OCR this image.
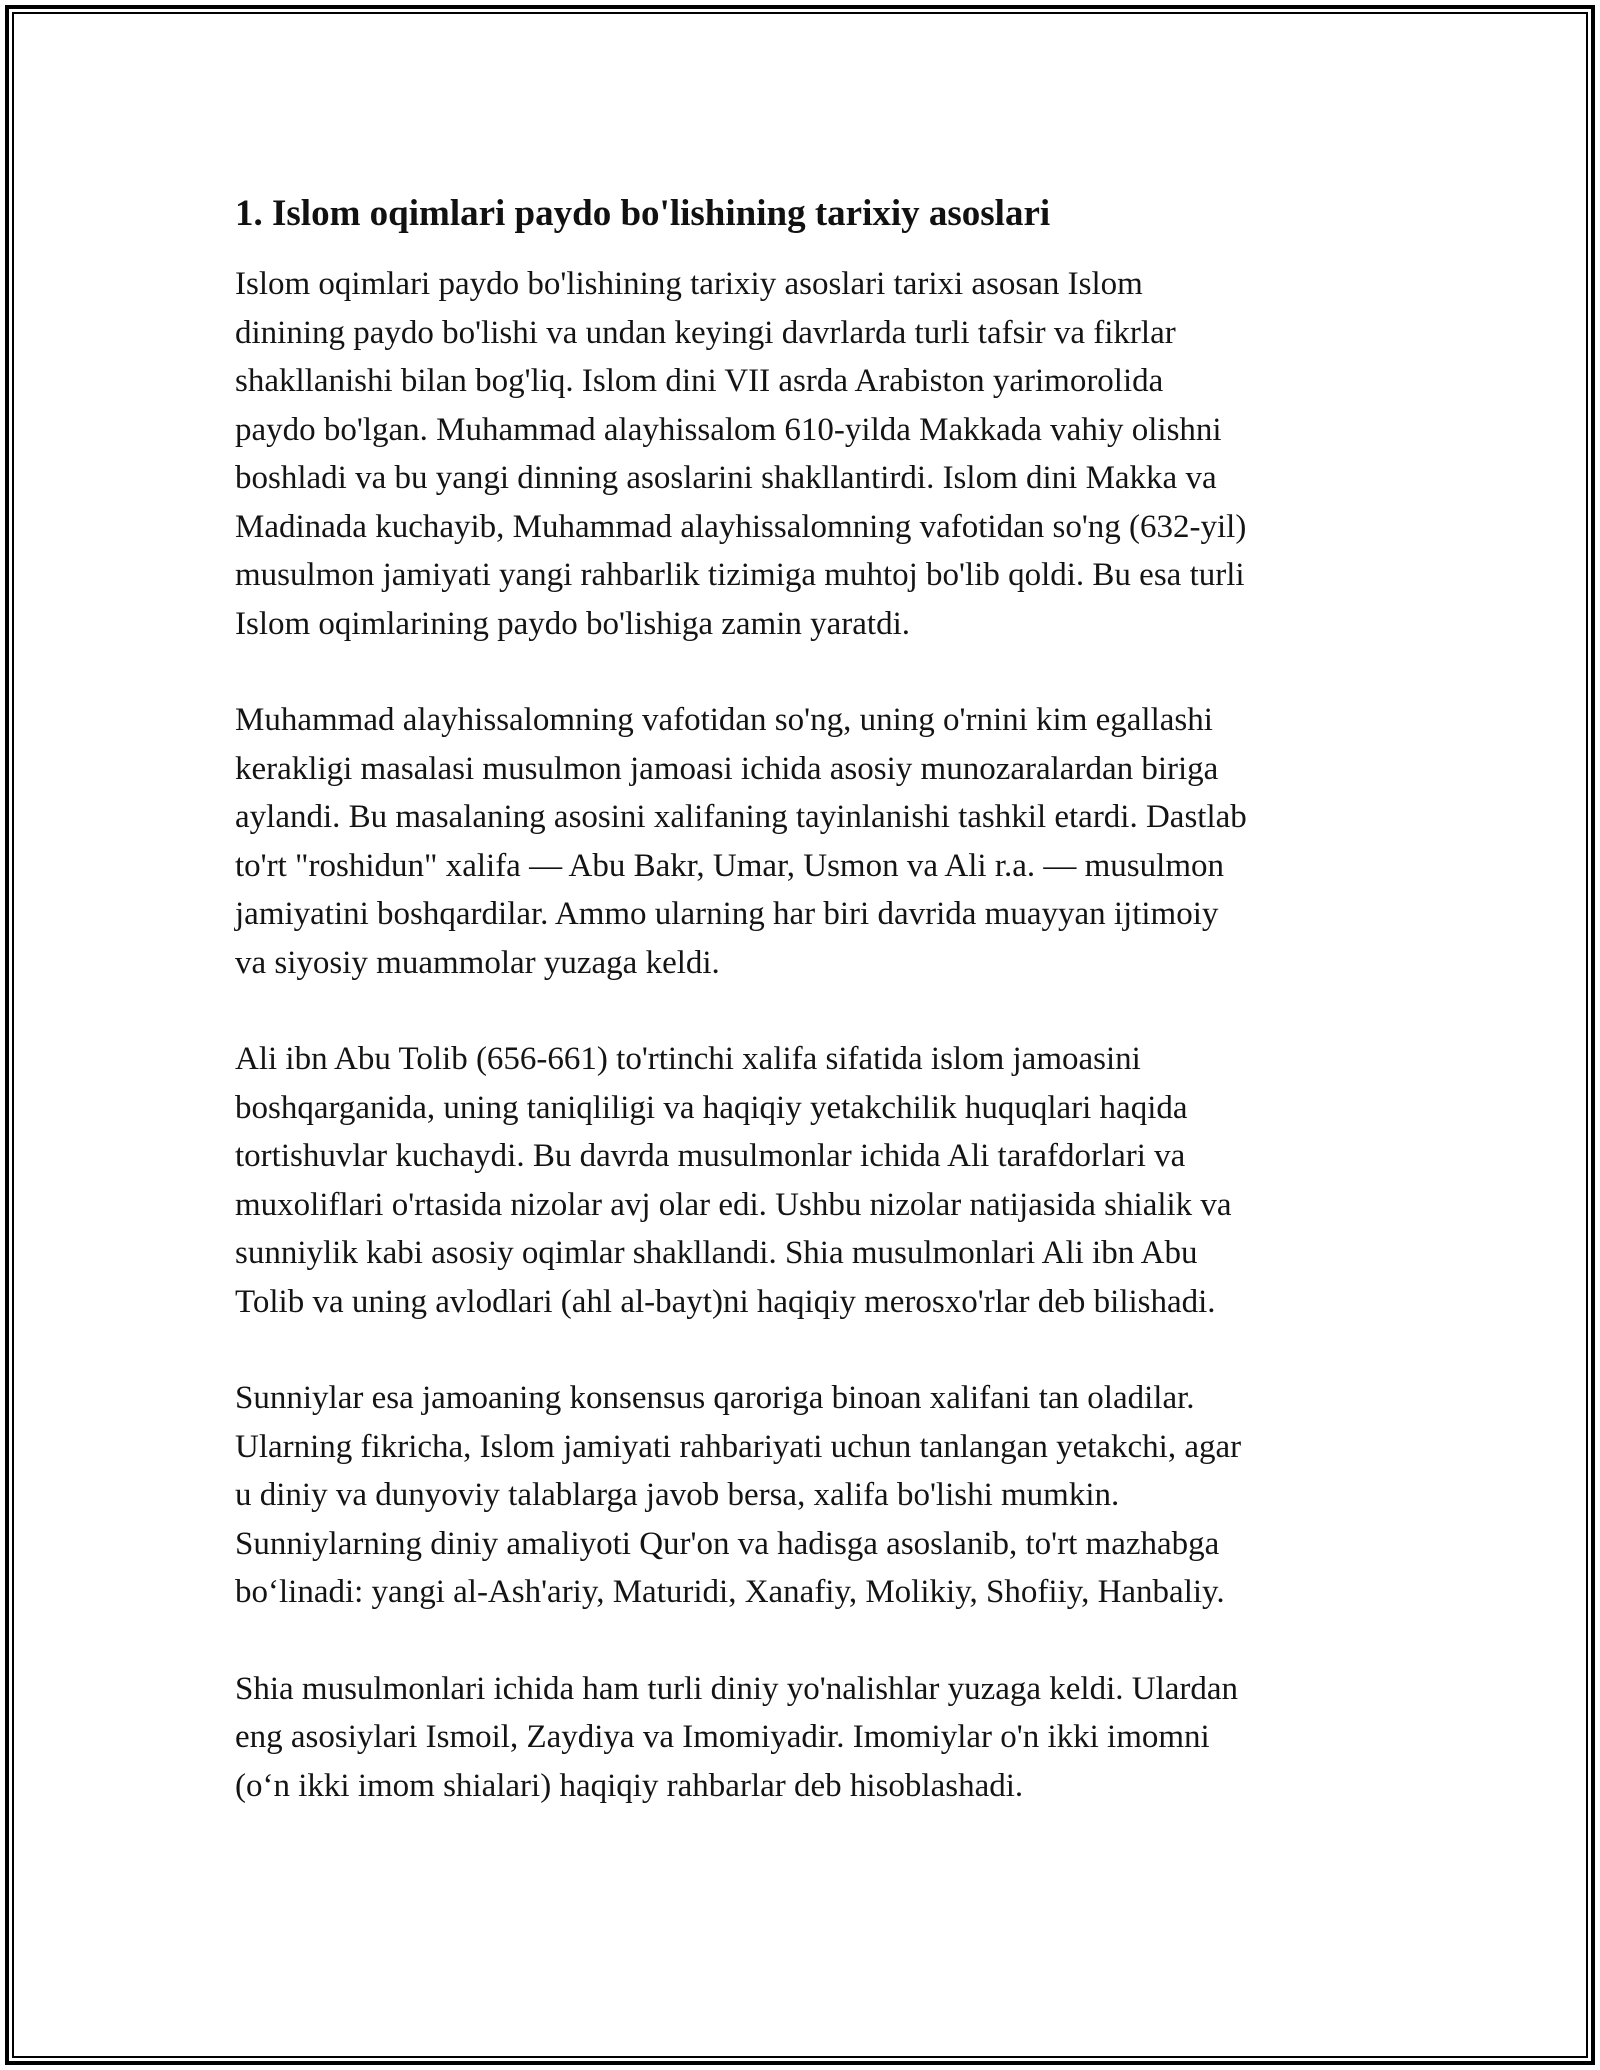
1. Islom oqimlari paydo bo'lishining tarixiy asoslari

Islom oqimlari paydo bo'lishining tarixiy asoslari tarixi asosan Islom
dinining paydo bo'lishi va undan keyingi davrlarda turli tafsir va fikrlar
shakllanishi bilan bog'liq. Islom dini VII asrda Arabiston yarimorolida
paydo bo'lgan. Muhammad alayhissalom 610-yilda Makkada vahiy olishni
boshladi va bu yangi dinning asoslarini shakllantirdi. Islom dini Makka va
Madinada kuchayib, Muhammad alayhissalomning vafotidan so'ng (632-yil)
musulmon jamiyati yangi rahbarlik tizimiga muhtoj bo'lib qoldi. Bu esa turli
Islom oqimlarining paydo bo'lishiga zamin yaratdi.

Muhammad alayhissalomning vafotidan so'ng, uning o'rnini kim egallashi
kerakligi masalasi musulmon jamoasi ichida asosiy munozaralardan biriga
aylandi. Bu masalaning asosini xalifaning tayinlanishi tashkil etardi. Dastlab
to'rt "roshidun" xalifa — Abu Bakr, Umar, Usmon va Ali r.a. — musulmon
jamiyatini boshqardilar. Ammo ularning har biri davrida muayyan ijtimoiy
va siyosiy muammolar yuzaga keldi.

Ali ibn Abu Tolib (656-661) to'rtinchi xalifa sifatida islom jamoasini
boshqarganida, uning taniqliligi va haqiqiy yetakchilik huquqlari haqida
tortishuvlar kuchaydi. Bu davrda musulmonlar ichida Ali tarafdorlari va
muxoliflari o'rtasida nizolar avj olar edi. Ushbu nizolar natijasida shialik va
sunniylik kabi asosiy oqimlar shakllandi. Shia musulmonlari Ali ibn Abu
Tolib va uning avlodlari (ahl al-bayt)ni haqiqiy merosxo'rlar deb bilishadi.

Sunniylar esa jamoaning konsensus qaroriga binoan xalifani tan oladilar.
Ularning fikricha, Islom jamiyati rahbariyati uchun tanlangan yetakchi, agar
u diniy va dunyoviy talablarga javob bersa, xalifa bo'lishi mumkin.
Sunniylarning diniy amaliyoti Qur'on va hadisga asoslanib, to'rt mazhabga
bo‘linadi: yangi al-Ash'ariy, Maturidi, Xanafiy, Molikiy, Shofiiy, Hanbaliy.

Shia musulmonlari ichida ham turli diniy yo'nalishlar yuzaga keldi. Ulardan
eng asosiylari Ismoil, Zaydiya va Imomiyadir. Imomiylar o'n ikki imomni
(o‘n ikki imom shialari) haqiqiy rahbarlar deb hisoblashadi.
